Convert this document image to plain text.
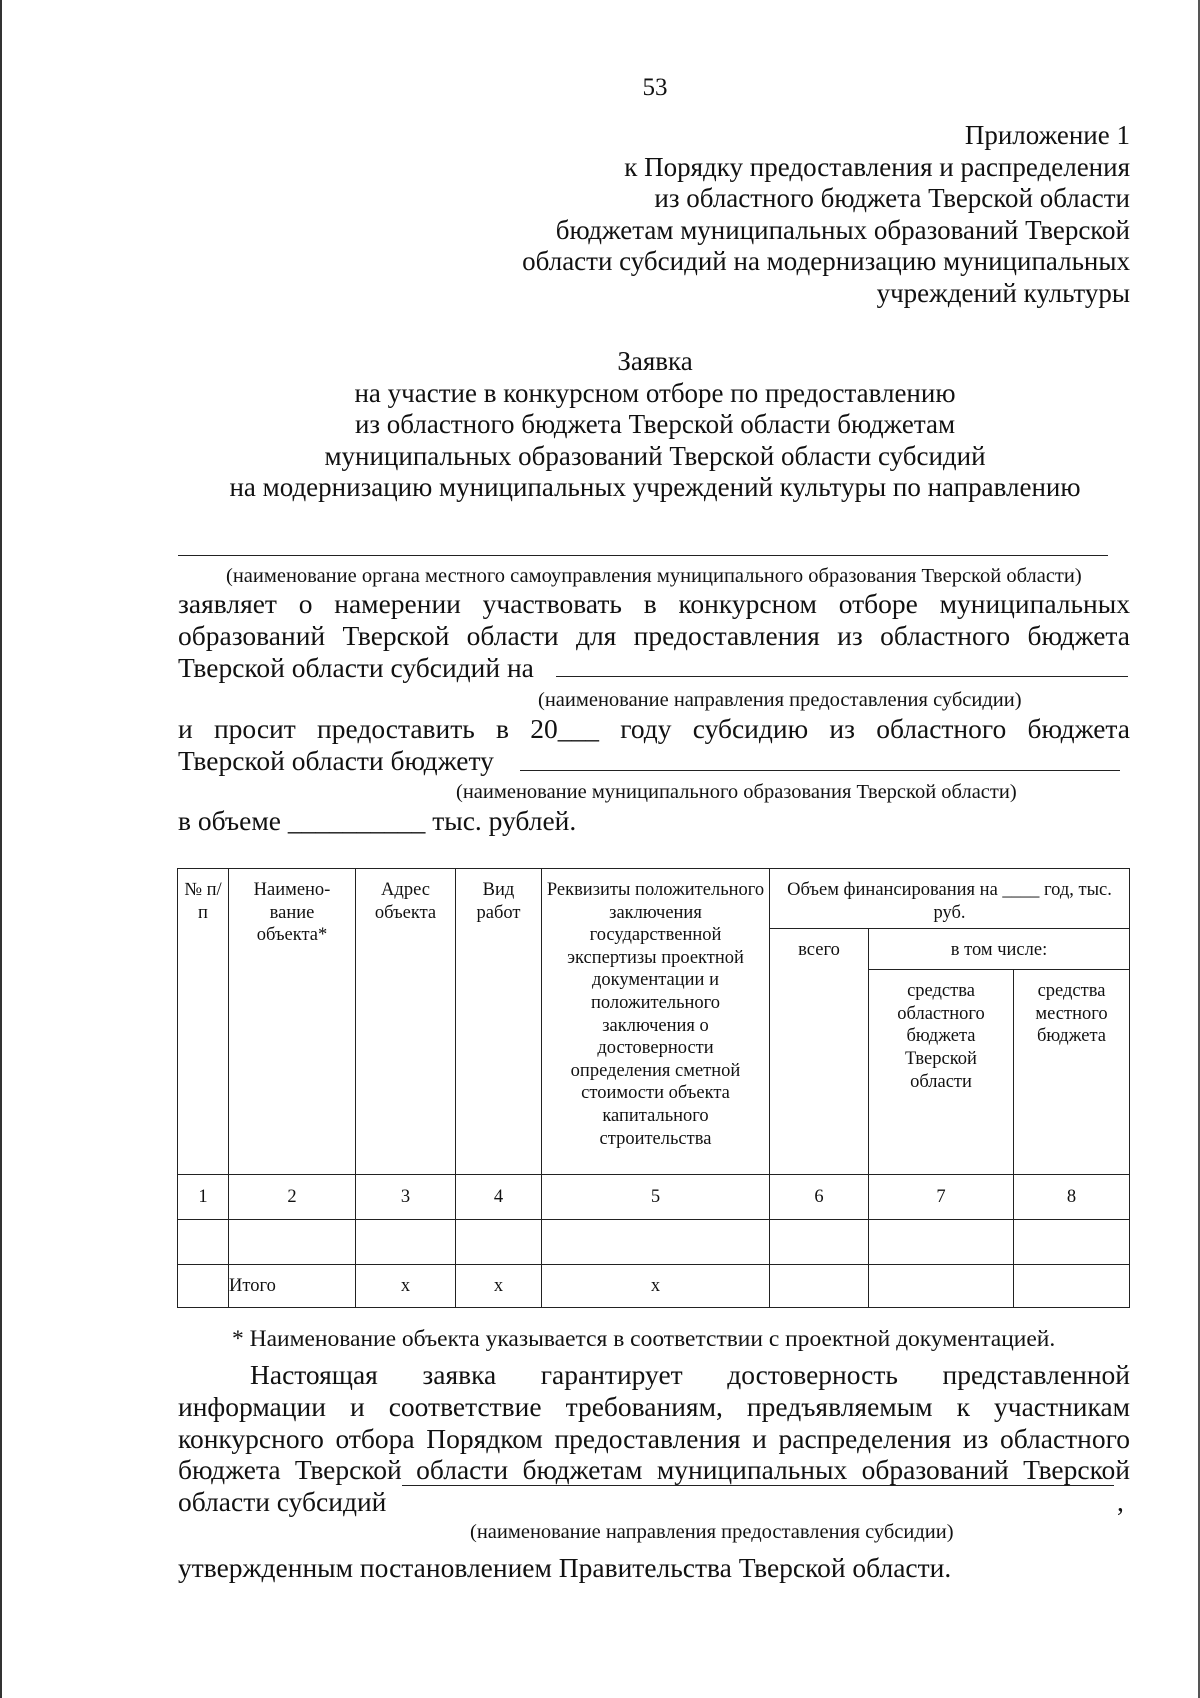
53
Приложение 1
к Порядку предоставления и распределения
из областного бюджета Тверской области
бюджетам муниципальных образований Тверской
области субсидий на модернизацию муниципальных
учреждений культуры
Заявка
на участие в конкурсном отборе по предоставлению
из областного бюджета Тверской области бюджетам
муниципальных образований Тверской области субсидий
на модернизацию муниципальных учреждений культуры по направлению
(наименование органа местного самоуправления муниципального образования Тверской области)
заявляет о намерении участвовать в конкурсном отборе муниципальных
образований Тверской области для предоставления из областного бюджета
Тверской области субсидий на
(наименование направления предоставления субсидии)
и просит предоставить в 20___ году субсидию из областного бюджета
Тверской области бюджету
(наименование муниципального образования Тверской области)
в объеме __________ тыс. рублей.
№ п/п	Наимено-вание объекта*	Адрес объекта	Вид работ	Реквизиты положительного заключения государственной экспертизы проектной документации и положительного заключения о достоверности определения сметной стоимости объекта капитального строительства	Объем финансирования на ____ год, тыс. руб.		
					всего	в том числе:	
						средства областного бюджета Тверской области	средства местного бюджета
1	2	3	4	5	6	7	8

	Итого	х	х	х			
* Наименование объекта указывается в соответствии с проектной документацией.
Настоящая заявка гарантирует достоверность представленной
информации и соответствие требованиям, предъявляемым к участникам
конкурсного отбора Порядком предоставления и распределения из областного
бюджета Тверской области бюджетам муниципальных образований Тверской
области субсидий	,
(наименование направления предоставления субсидии)
утвержденным постановлением Правительства Тверской области.
